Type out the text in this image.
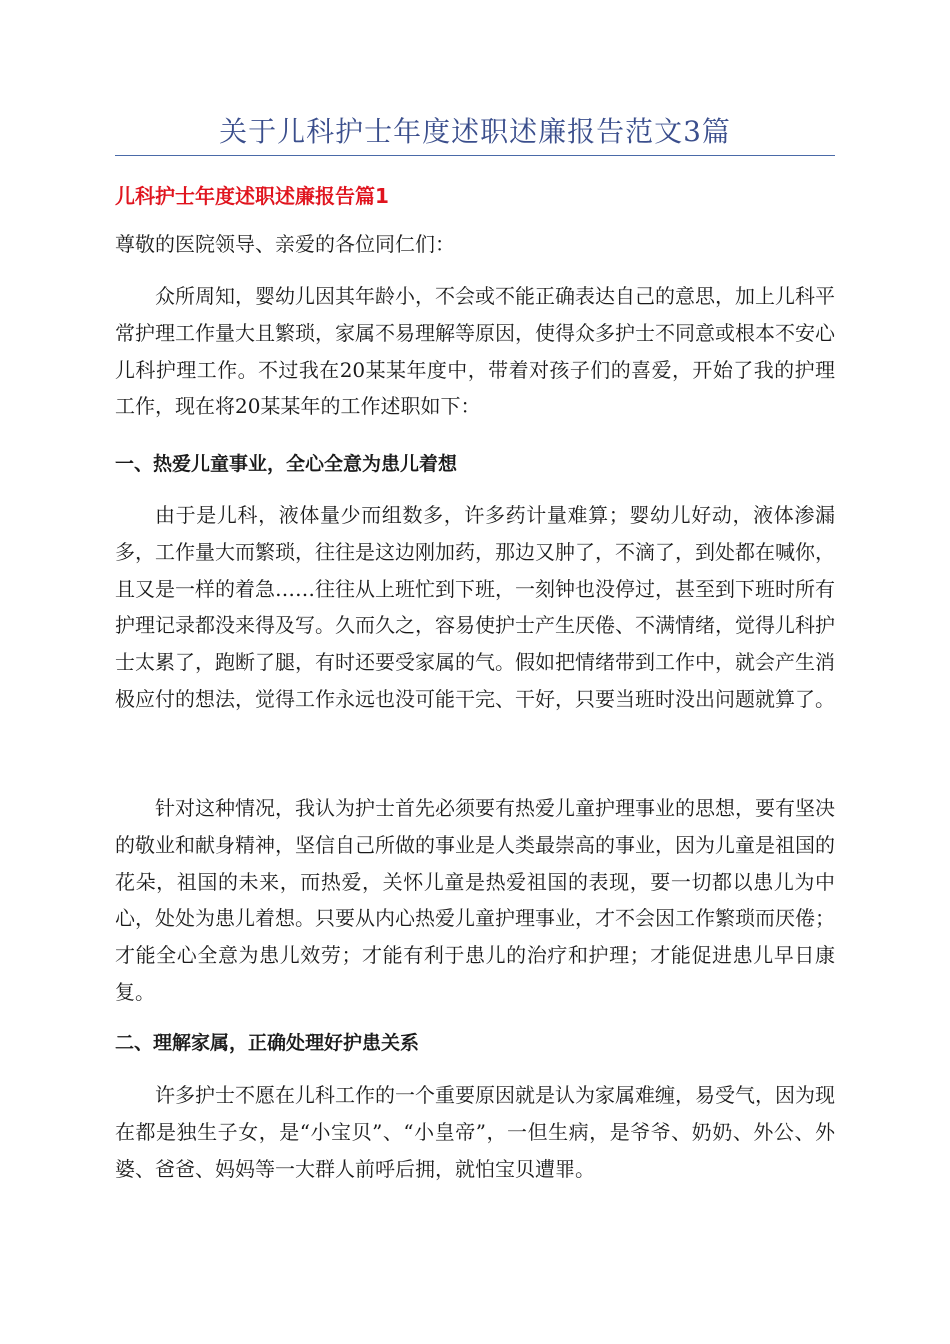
关于儿科护士年度述职述廉报告范文3篇
儿科护士年度述职述廉报告篇1
尊敬的医院领导、亲爱的各位同仁们：

众所周知，婴幼儿因其年龄小，不会或不能正确表达自己的意思，加上儿科平常护理工作量大且繁琐，家属不易理解等原因，使得众多护士不同意或根本不安心儿科护理工作。不过我在20某某年度中，带着对孩子们的喜爱，开始了我的护理工作，现在将20某某年的工作述职如下：

一、热爱儿童事业，全心全意为患儿着想

由于是儿科，液体量少而组数多，许多药计量难算；婴幼儿好动，液体渗漏多，工作量大而繁琐，往往是这边刚加药，那边又肿了，不滴了，到处都在喊你，且又是一样的着急……往往从上班忙到下班，一刻钟也没停过，甚至到下班时所有护理记录都没来得及写。久而久之，容易使护士产生厌倦、不满情绪，觉得儿科护士太累了，跑断了腿，有时还要受家属的气。假如把情绪带到工作中，就会产生消极应付的想法，觉得工作永远也没可能干完、干好，只要当班时没出问题就算了。

针对这种情况，我认为护士首先必须要有热爱儿童护理事业的思想，要有坚决的敬业和献身精神，坚信自己所做的事业是人类最崇高的事业，因为儿童是祖国的花朵，祖国的未来，而热爱，关怀儿童是热爱祖国的表现，要一切都以患儿为中心，处处为患儿着想。只要从内心热爱儿童护理事业，才不会因工作繁琐而厌倦；才能全心全意为患儿效劳；才能有利于患儿的治疗和护理；才能促进患儿早日康复。

二、理解家属，正确处理好护患关系

许多护士不愿在儿科工作的一个重要原因就是认为家属难缠，易受气，因为现在都是独生子女，是“小宝贝”、“小皇帝”，一但生病，是爷爷、奶奶、外公、外婆、爸爸、妈妈等一大群人前呼后拥，就怕宝贝遭罪。
